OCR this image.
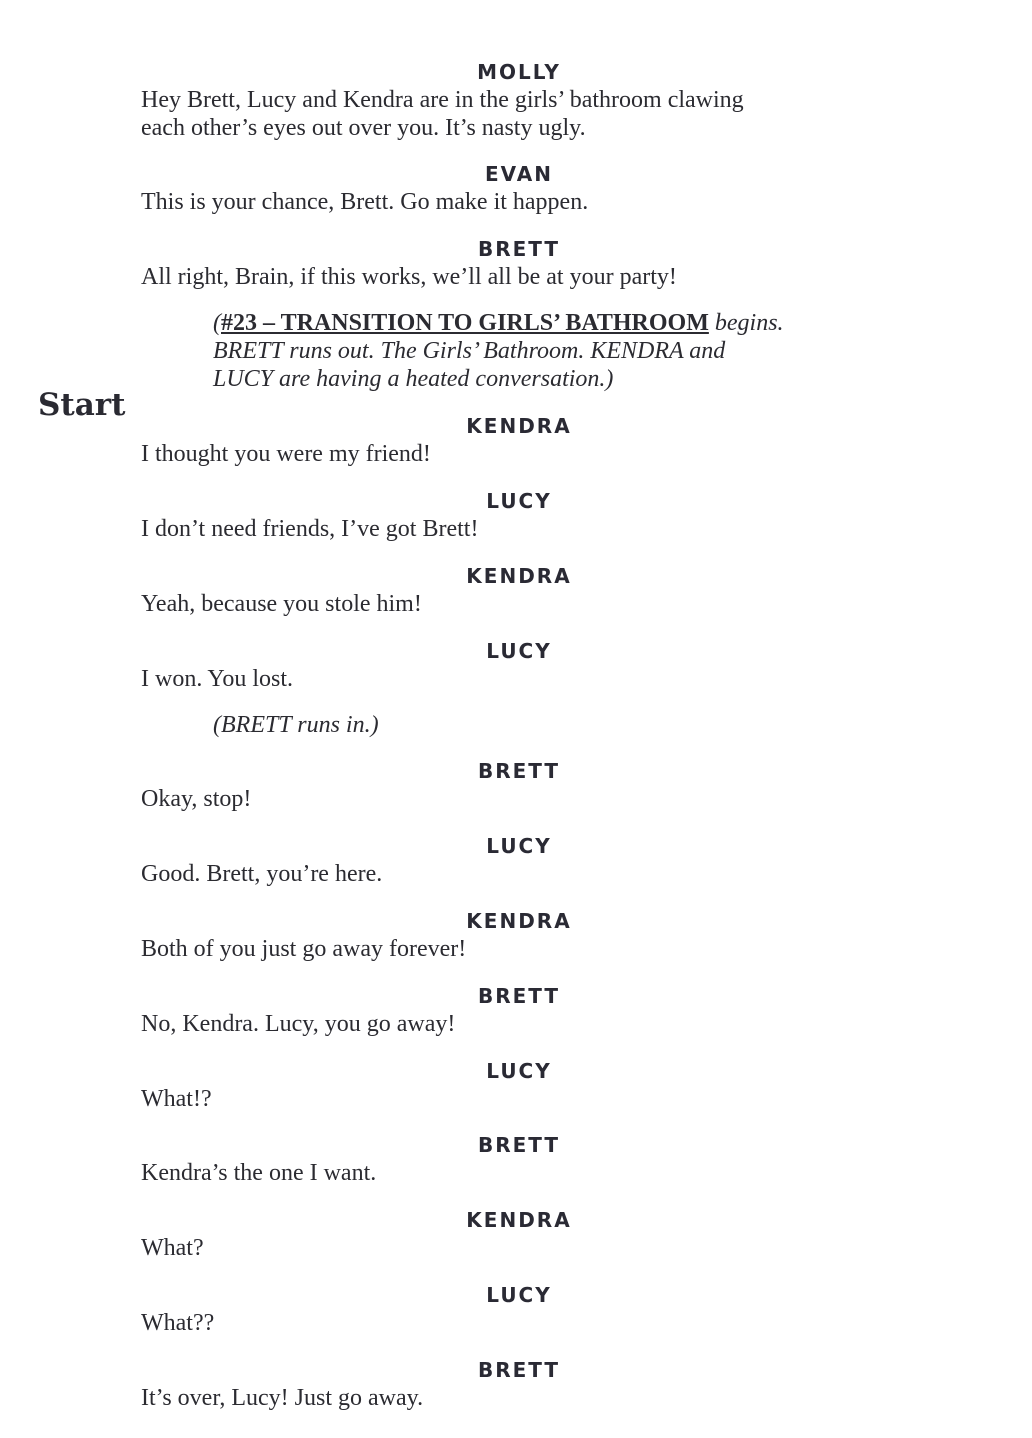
Start
MOLLY
Hey Brett, Lucy and Kendra are in the girls’ bathroom clawing
each other’s eyes out over you. It’s nasty ugly.
EVAN
This is your chance, Brett. Go make it happen.
BRETT
All right, Brain, if this works, we’ll all be at your party!
(#23 – TRANSITION TO GIRLS’ BATHROOM begins.
BRETT runs out. The Girls’ Bathroom. KENDRA and
LUCY are having a heated conversation.)
KENDRA
I thought you were my friend!
LUCY
I don’t need friends, I’ve got Brett!
KENDRA
Yeah, because you stole him!
LUCY
I won. You lost.
(BRETT runs in.)
BRETT
Okay, stop!
LUCY
Good. Brett, you’re here.
KENDRA
Both of you just go away forever!
BRETT
No, Kendra. Lucy, you go away!
LUCY
What!?
BRETT
Kendra’s the one I want.
KENDRA
What?
LUCY
What??
BRETT
It’s over, Lucy! Just go away.
